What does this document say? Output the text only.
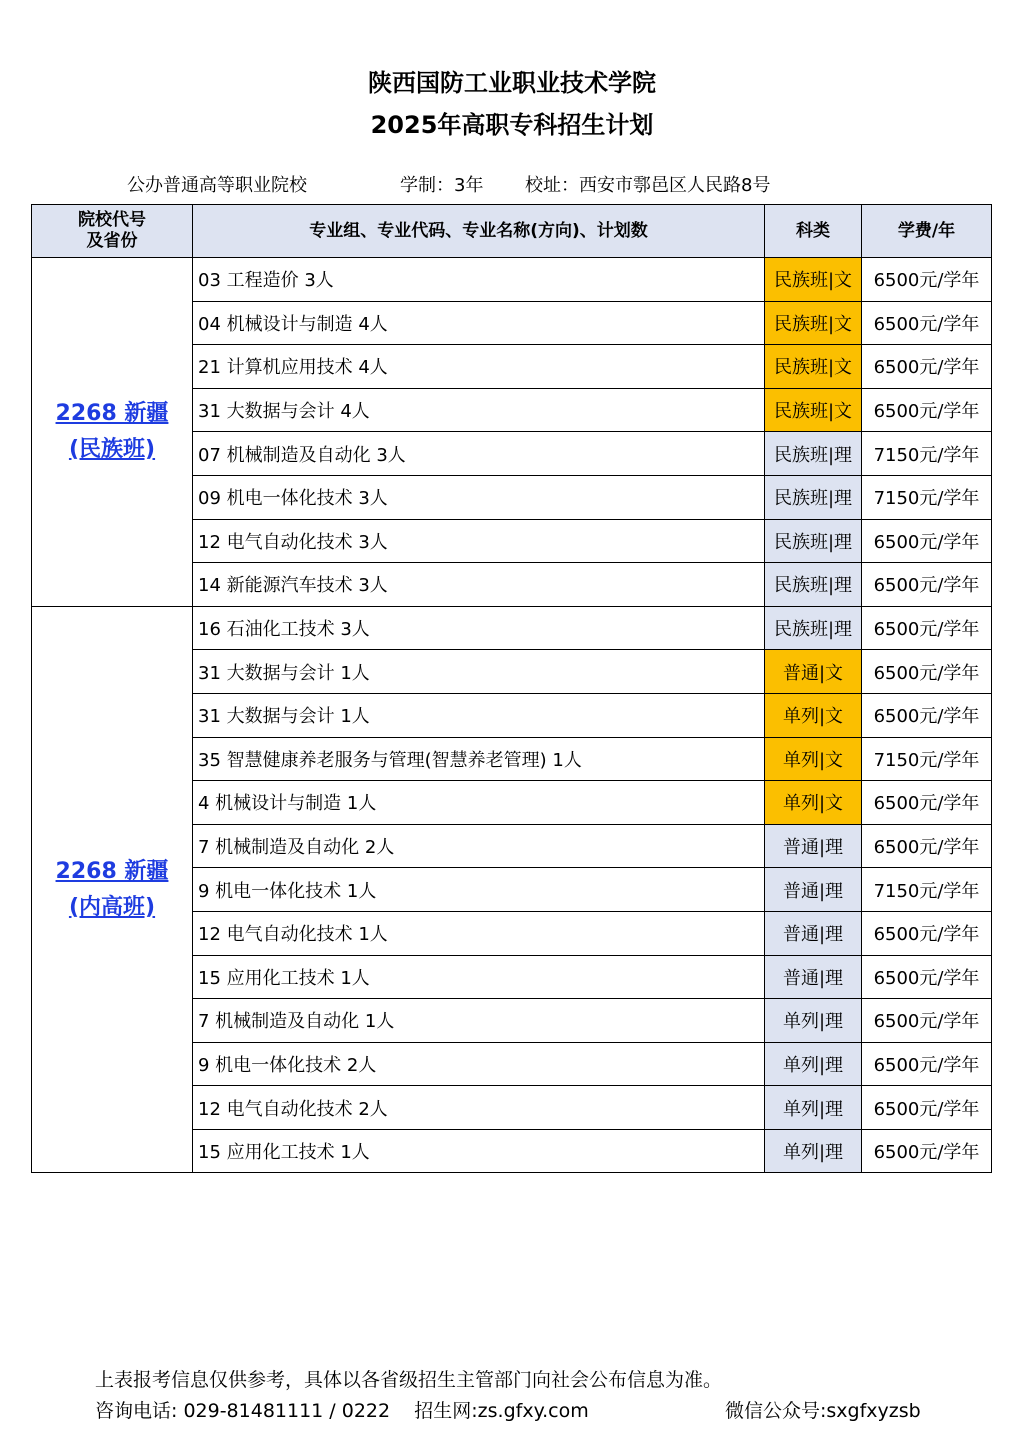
陕西国防工业职业技术学院
2025年高职专科招生计划
公办普通高等职业院校	学制：3年 校址：西安市鄠邑区人民路8号
院校代号
及省份	专业组、专业代码、专业名称(方向)、计划数	科类	学费/年

2268 新疆
(民族班)	03 工程造价 3人	民族班|文	6500元/学年
	04 机械设计与制造 4人	民族班|文	6500元/学年
	21 计算机应用技术 4人	民族班|文	6500元/学年
	31 大数据与会计 4人	民族班|文	6500元/学年
	07 机械制造及自动化 3人	民族班|理	7150元/学年
	09 机电一体化技术 3人	民族班|理	7150元/学年
	12 电气自动化技术 3人	民族班|理	6500元/学年
	14 新能源汽车技术 3人	民族班|理	6500元/学年

2268 新疆
(内高班)	16 石油化工技术 3人	民族班|理	6500元/学年
	31 大数据与会计 1人	普通|文	6500元/学年
	31 大数据与会计 1人	单列|文	6500元/学年
	35 智慧健康养老服务与管理(智慧养老管理) 1人	单列|文	7150元/学年
	4 机械设计与制造 1人	单列|文	6500元/学年
	7 机械制造及自动化 2人	普通|理	6500元/学年
	9 机电一体化技术 1人	普通|理	7150元/学年
	12 电气自动化技术 1人	普通|理	6500元/学年
	15 应用化工技术 1人	普通|理	6500元/学年
	7 机械制造及自动化 1人	单列|理	6500元/学年
	9 机电一体化技术 2人	单列|理	6500元/学年
	12 电气自动化技术 2人	单列|理	6500元/学年
	15 应用化工技术 1人	单列|理	6500元/学年
上表报考信息仅供参考，具体以各省级招生主管部门向社会公布信息为准。
咨询电话: 029-81481111 / 0222    招生网:zs.gfxy.com	微信公众号:sxgfxyzsb
